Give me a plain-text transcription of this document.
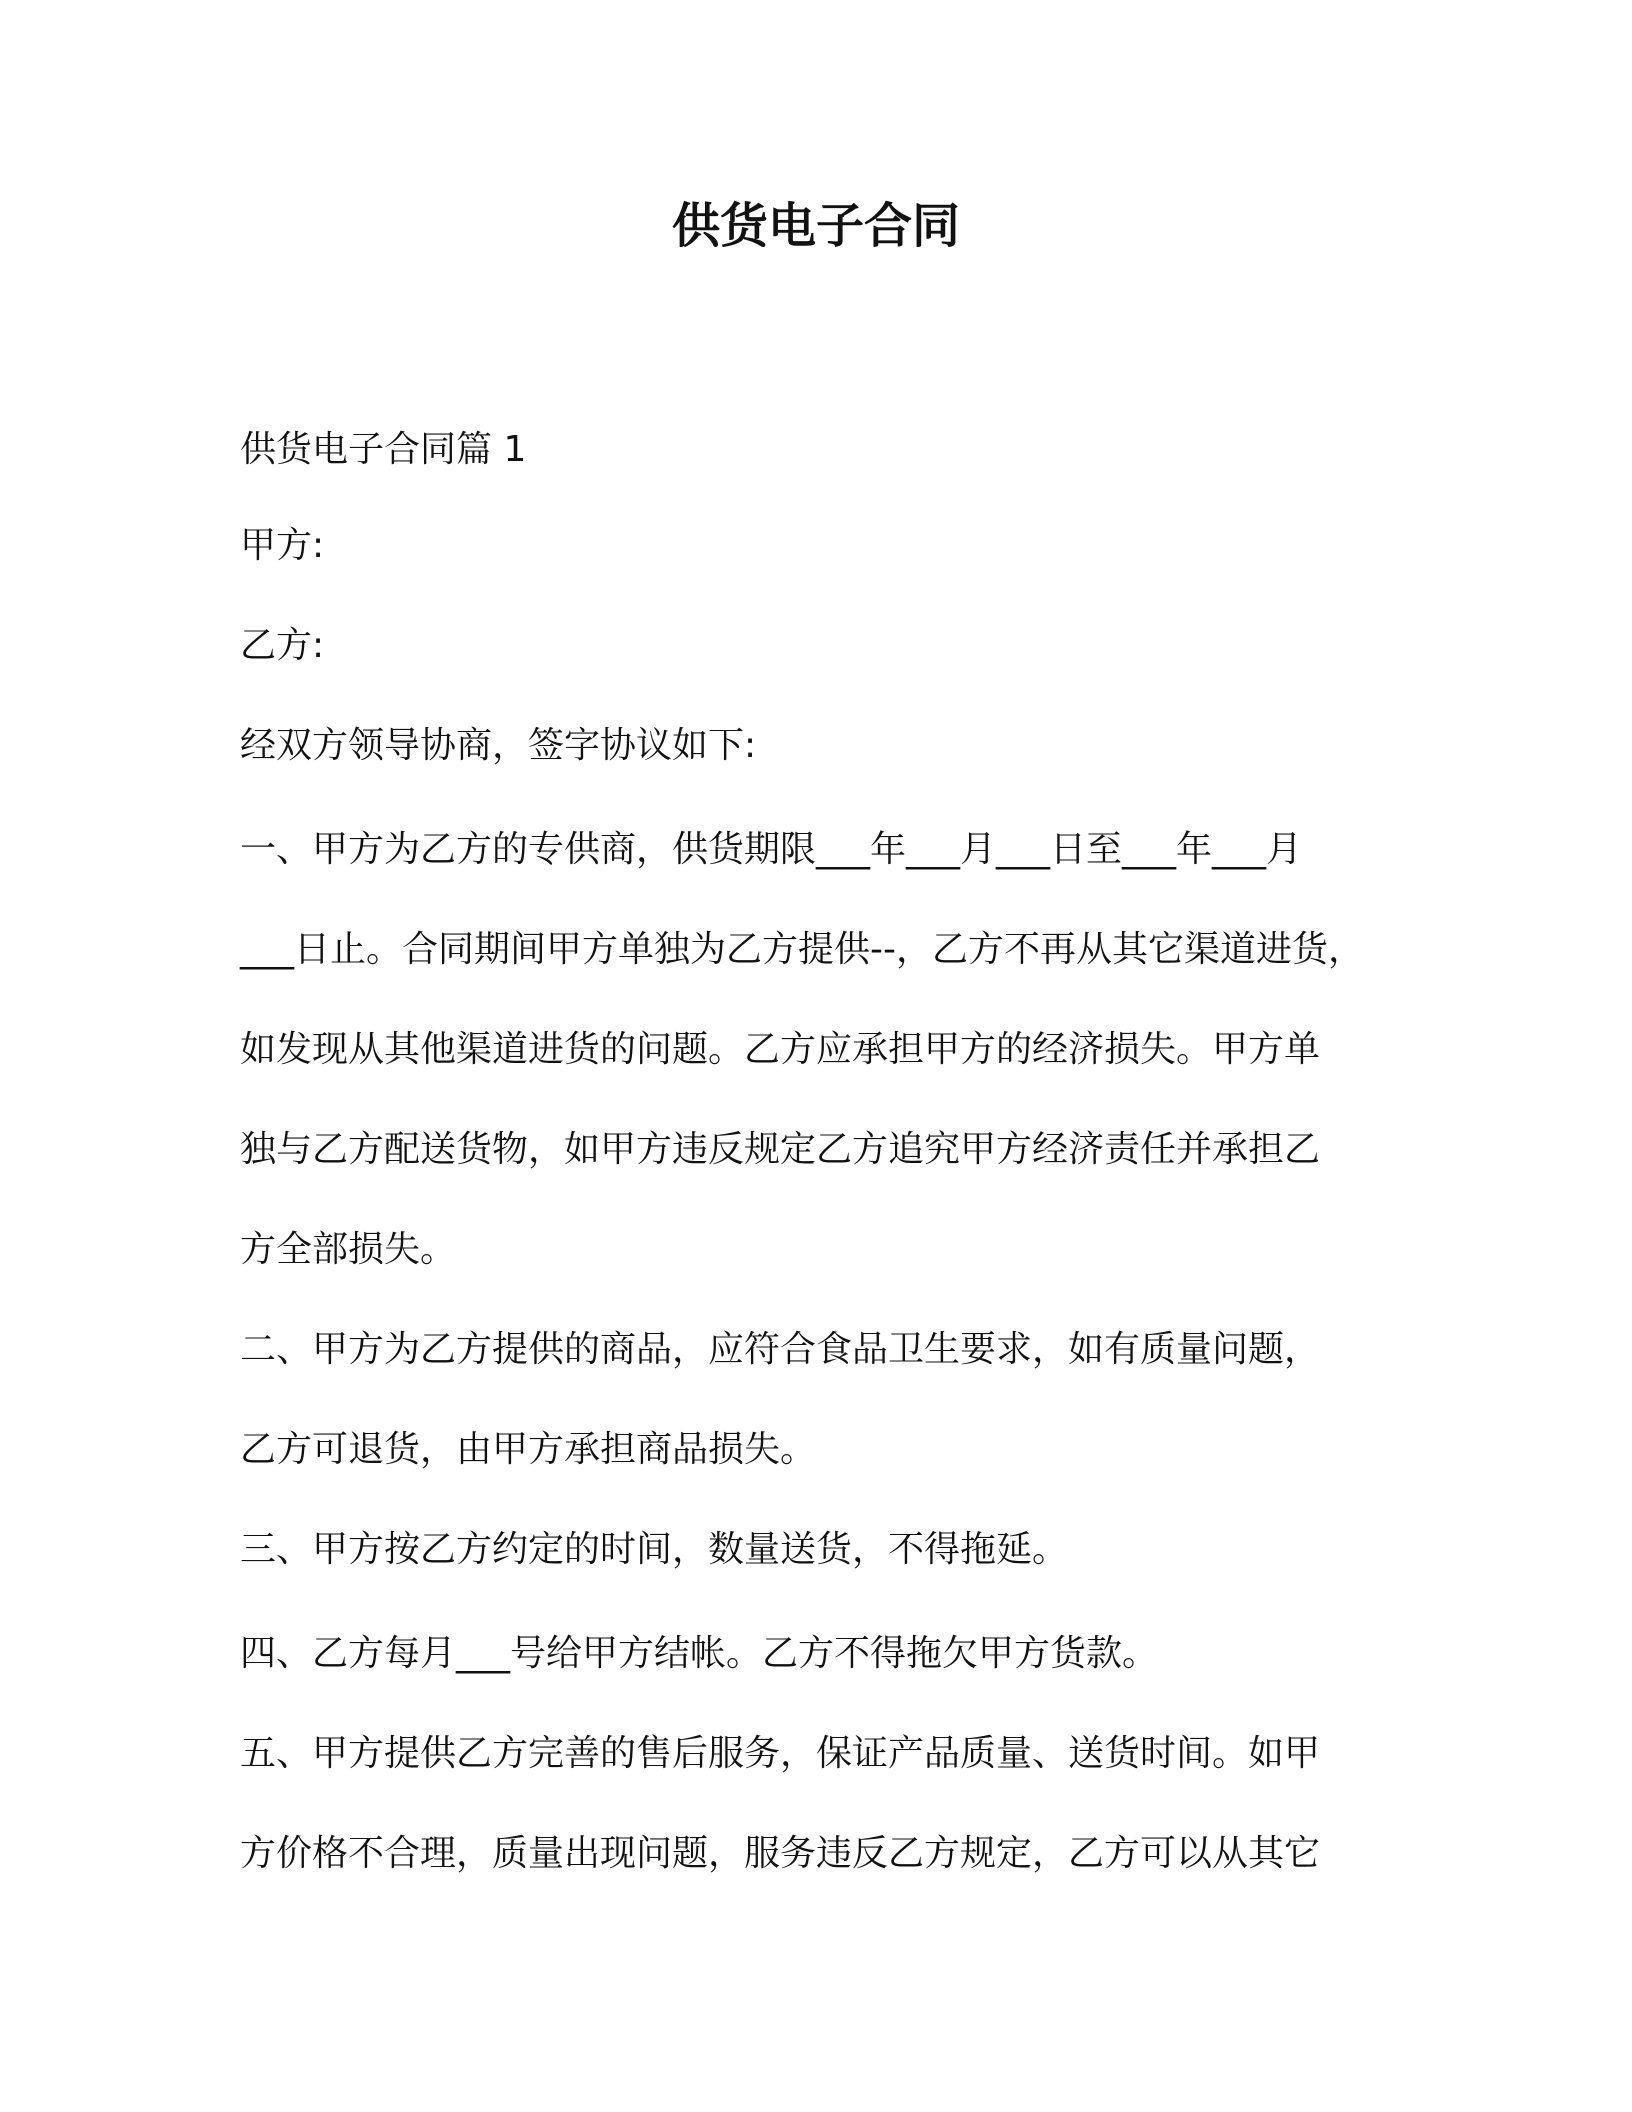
供货电子合同

供货电子合同篇 1

甲方:

乙方:

经双方领导协商，签字协议如下:

一、甲方为乙方的专供商，供货期限___年___月___日至___年___月

___日止。合同期间甲方单独为乙方提供--，乙方不再从其它渠道进货，

如发现从其他渠道进货的问题。乙方应承担甲方的经济损失。甲方单

独与乙方配送货物，如甲方违反规定乙方追究甲方经济责任并承担乙

方全部损失。

二、甲方为乙方提供的商品，应符合食品卫生要求，如有质量问题，

乙方可退货，由甲方承担商品损失。

三、甲方按乙方约定的时间，数量送货，不得拖延。

四、乙方每月___号给甲方结帐。乙方不得拖欠甲方货款。

五、甲方提供乙方完善的售后服务，保证产品质量、送货时间。如甲

方价格不合理，质量出现问题，服务违反乙方规定，乙方可以从其它
